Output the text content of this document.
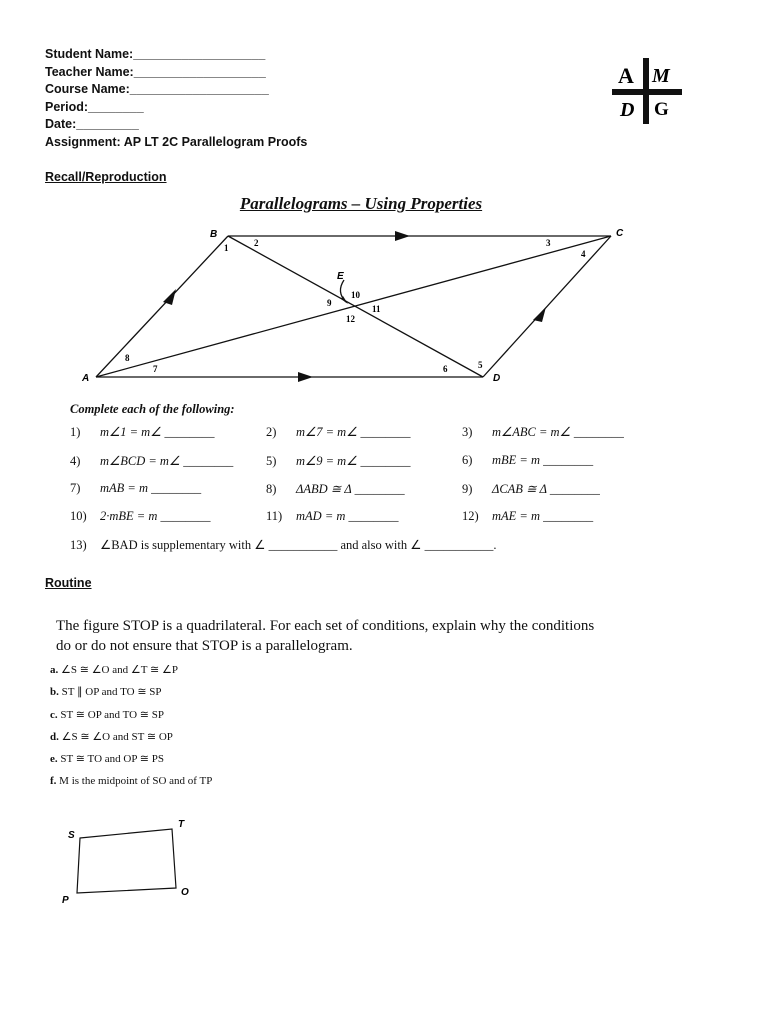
Student Name:___________________
Teacher Name:___________________
Course Name:____________________
Period:________
Date:_________
Assignment: AP LT 2C Parallelogram Proofs
A M
D G
Recall/Reproduction
Parallelograms – Using Properties
A
B	C
D
E
1	2	3
4
5
6
7
8
9
10
11
12
Complete each of the following:
1) m∠1 = m∠ ________	2) m∠7 = m∠ ________	3) m∠ABC = m∠ ________
4) m∠BCD = m∠ ________	5) m∠9 = m∠ ________	6) mBE = m ________
7) mAB = m ________	8) ΔABD ≅ Δ ________	9) ΔCAB ≅ Δ ________
10) 2·mBE = m ________	11) mAD = m ________	12) mAE = m ________
13) ∠BAD is supplementary with ∠ ___________ and also with ∠ ___________.
Routine
The figure STOP is a quadrilateral. For each set of conditions, explain why the conditions do or do not ensure that STOP is a parallelogram.
a. ∠S ≅ ∠O and ∠T ≅ ∠P
b. ST ∥ OP and TO ≅ SP
c. ST ≅ OP and TO ≅ SP
d. ∠S ≅ ∠O and ST ≅ OP
e. ST ≅ TO and OP ≅ PS
f. M is the midpoint of SO and of TP
S
T
O
P
